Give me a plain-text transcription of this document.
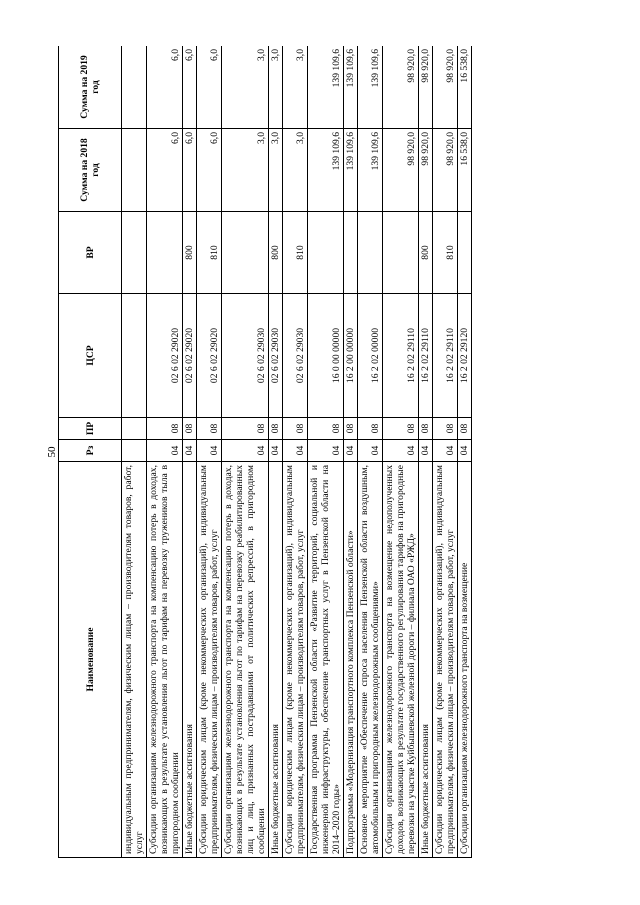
50
Наименование	Рз	ПР	ЦСР	ВР	Сумма на 2018 год	Сумма на 2019 год
индивидуальным предпринимателям, физическим лицам – производителям товаров, работ, услуг						
Субсидии организациям железнодорожного транспорта на компенсацию потерь в доходах, возникающих в результате установления льгот по тарифам на перевозку тружеников тыла в пригородном сообщении	04	08	02 6 02 29020		6,0	6,0
Иные бюджетные ассигнования	04	08	02 6 02 29020	800	6,0	6,0
Субсидии юридическим лицам (кроме некоммерческих организаций), индивидуальным предпринимателям, физическим лицам – производителям товаров, работ, услуг	04	08	02 6 02 29020	810	6,0	6,0
Субсидии организациям железнодорожного транспорта на компенсацию потерь в доходах, возникающих в результате установления льгот по тарифам на перевозку реабилитированных лиц и лиц, признанных пострадавшими от политических репрессий, в пригородном сообщении	04	08	02 6 02 29030		3,0	3,0
Иные бюджетные ассигнования	04	08	02 6 02 29030	800	3,0	3,0
Субсидии юридическим лицам (кроме некоммерческих организаций), индивидуальным предпринимателям, физическим лицам – производителям товаров, работ, услуг	04	08	02 6 02 29030	810	3,0	3,0
Государственная программа Пензенской области «Развитие территорий, социальной и инженерной инфраструктуры, обеспечение транспортных услуг в Пензенской области на 2014–2020 годы»	04	08	16 0 00 00000		139 109,6	139 109,6
Подпрограмма «Модернизация транспортного комплекса Пензенской области»	04	08	16 2 00 00000		139 109,6	139 109,6
Основное мероприятие «Обеспечение спроса населения Пензенской области воздушным, автомобильным и пригородным железнодорожным сообщениями»	04	08	16 2 02 00000		139 109,6	139 109,6
Субсидии организациям железнодорожного транспорта на возмещение недополученных доходов, возникающих в результате государственного регулирования тарифов на пригородные перевозки на участке Куйбышевской железной дороги – филиала ОАО «РЖД»	04	08	16 2 02 29110		98 920,0	98 920,0
Иные бюджетные ассигнования	04	08	16 2 02 29110	800	98 920,0	98 920,0
Субсидии юридическим лицам (кроме некоммерческих организаций), индивидуальным предпринимателям, физическим лицам – производителям товаров, работ, услуг	04	08	16 2 02 29110	810	98 920,0	98 920,0
Субсидии организациям железнодорожного транспорта на возмещение	04	08	16 2 02 29120		16 538,0	16 538,0
